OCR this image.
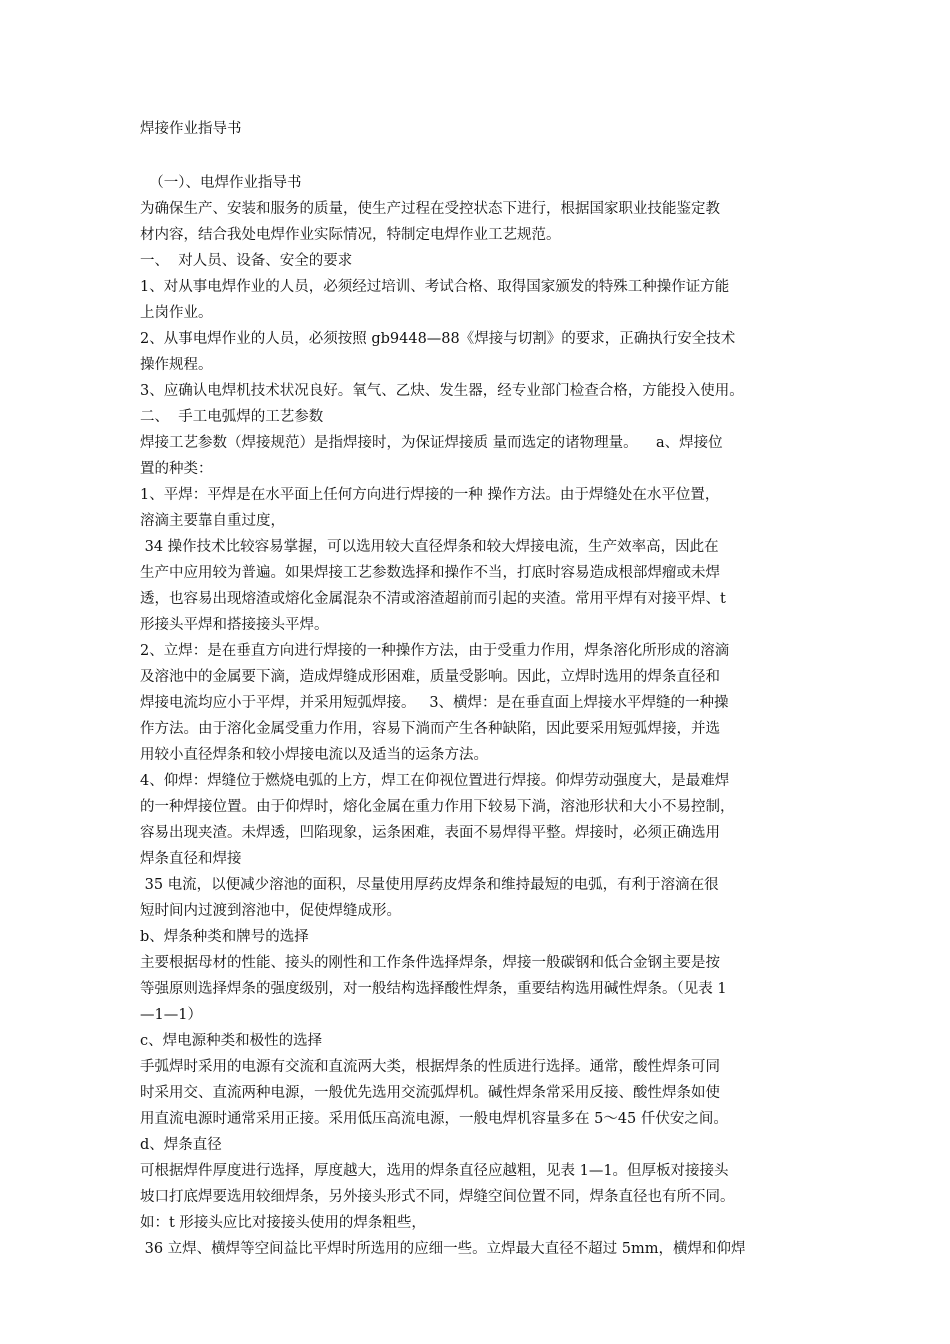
焊接作业指导书
（一）、电焊作业指导书
为确保生产、安装和服务的质量，使生产过程在受控状态下进行，根据国家职业技能鉴定教
材内容，结合我处电焊作业实际情况，特制定电焊作业工艺规范。
一、  对人员、设备、安全的要求
1、对从事电焊作业的人员，必须经过培训、考试合格、取得国家颁发的特殊工种操作证方能
上岗作业。
2、从事电焊作业的人员，必须按照 gb9448—88《焊接与切割》的要求，正确执行安全技术
操作规程。
3、应确认电焊机技术状况良好。氧气、乙炔、发生器，经专业部门检查合格，方能投入使用。
二、  手工电弧焊的工艺参数
焊接工艺参数（焊接规范）是指焊接时，为保证焊接质 量而选定的诸物理量。    a、焊接位
置的种类：
1、平焊：平焊是在水平面上任何方向进行焊接的一种 操作方法。由于焊缝处在水平位置，
溶滴主要靠自重过度，
34 操作技术比较容易掌握，可以选用较大直径焊条和较大焊接电流，生产效率高，因此在
生产中应用较为普遍。如果焊接工艺参数选择和操作不当，打底时容易造成根部焊瘤或未焊
透，也容易出现熔渣或熔化金属混杂不清或溶渣超前而引起的夹渣。常用平焊有对接平焊、t
形接头平焊和搭接接头平焊。
2、立焊：是在垂直方向进行焊接的一种操作方法，由于受重力作用，焊条溶化所形成的溶滴
及溶池中的金属要下滴，造成焊缝成形困难，质量受影响。因此，立焊时选用的焊条直径和
焊接电流均应小于平焊，并采用短弧焊接。   3、横焊：是在垂直面上焊接水平焊缝的一种操
作方法。由于溶化金属受重力作用，容易下淌而产生各种缺陷，因此要采用短弧焊接，并选
用较小直径焊条和较小焊接电流以及适当的运条方法。
4、仰焊：焊缝位于燃烧电弧的上方，焊工在仰视位置进行焊接。仰焊劳动强度大，是最难焊
的一种焊接位置。由于仰焊时，熔化金属在重力作用下较易下淌，溶池形状和大小不易控制，
容易出现夹渣。未焊透，凹陷现象，运条困难，表面不易焊得平整。焊接时，必须正确选用
焊条直径和焊接
35 电流，以便减少溶池的面积，尽量使用厚药皮焊条和维持最短的电弧，有利于溶滴在很
短时间内过渡到溶池中，促使焊缝成形。
b、焊条种类和牌号的选择
主要根据母材的性能、接头的刚性和工作条件选择焊条，焊接一般碳钢和低合金钢主要是按
等强原则选择焊条的强度级别，对一般结构选择酸性焊条，重要结构选用碱性焊条。（见表 1
—1—1）
c、焊电源种类和极性的选择
手弧焊时采用的电源有交流和直流两大类，根据焊条的性质进行选择。通常，酸性焊条可同
时采用交、直流两种电源，一般优先选用交流弧焊机。碱性焊条常采用反接、酸性焊条如使
用直流电源时通常采用正接。采用低压高流电源，一般电焊机容量多在 5～45 仟伏安之间。
d、焊条直径
可根据焊件厚度进行选择，厚度越大，选用的焊条直径应越粗，见表 1—1。但厚板对接接头
坡口打底焊要选用较细焊条，另外接头形式不同，焊缝空间位置不同，焊条直径也有所不同。
如：t 形接头应比对接接头使用的焊条粗些，
36 立焊、横焊等空间益比平焊时所选用的应细一些。立焊最大直径不超过 5mm，横焊和仰焊
